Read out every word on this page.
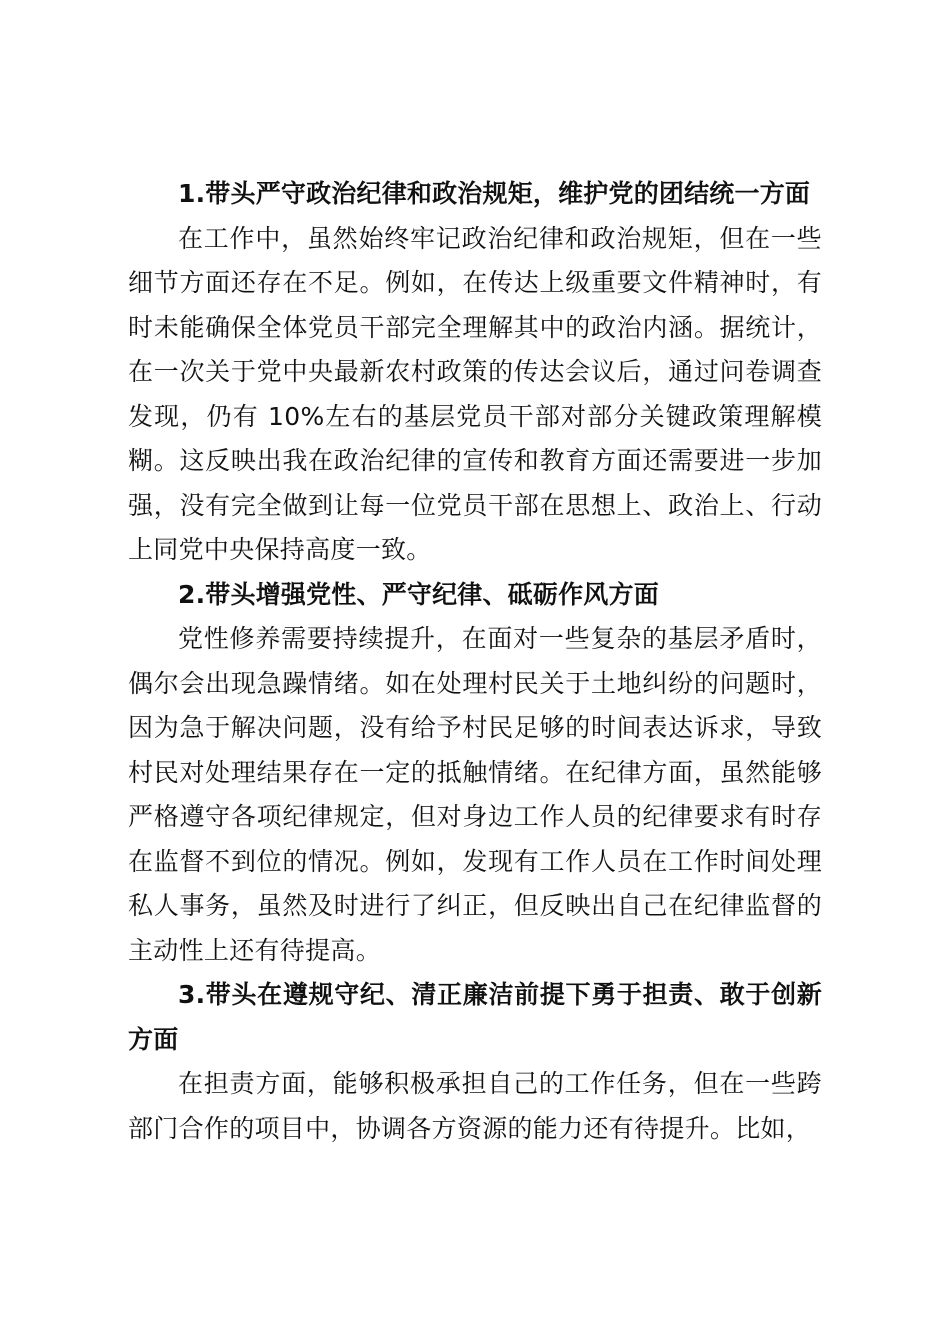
1.带头严守政治纪律和政治规矩，维护党的团结统一方面

在工作中，虽然始终牢记政治纪律和政治规矩，但在一些细节方面还存在不足。例如，在传达上级重要文件精神时，有时未能确保全体党员干部完全理解其中的政治内涵。据统计，在一次关于党中央最新农村政策的传达会议后，通过问卷调查发现，仍有 10%左右的基层党员干部对部分关键政策理解模糊。这反映出我在政治纪律的宣传和教育方面还需要进一步加强，没有完全做到让每一位党员干部在思想上、政治上、行动上同党中央保持高度一致。

2.带头增强党性、严守纪律、砥砺作风方面

党性修养需要持续提升，在面对一些复杂的基层矛盾时，偶尔会出现急躁情绪。如在处理村民关于土地纠纷的问题时，因为急于解决问题，没有给予村民足够的时间表达诉求，导致村民对处理结果存在一定的抵触情绪。在纪律方面，虽然能够严格遵守各项纪律规定，但对身边工作人员的纪律要求有时存在监督不到位的情况。例如，发现有工作人员在工作时间处理私人事务，虽然及时进行了纠正，但反映出自己在纪律监督的主动性上还有待提高。

3.带头在遵规守纪、清正廉洁前提下勇于担责、敢于创新方面

在担责方面，能够积极承担自己的工作任务，但在一些跨部门合作的项目中，协调各方资源的能力还有待提升。比如，
